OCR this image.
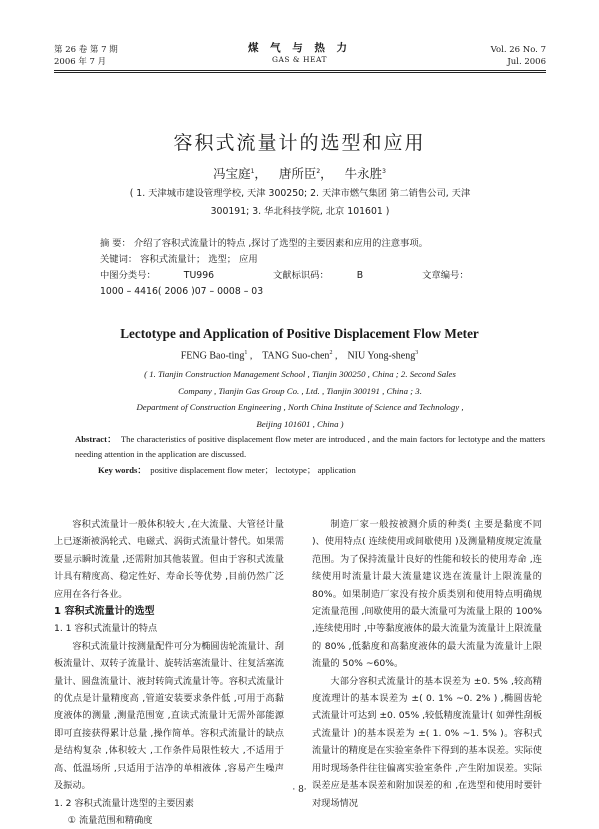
第 26 卷 第 7 期
2006 年 7 月
煤 气 与 热 力
GAS & HEAT
Vol. 26 No. 7
Jul. 2006
容积式流量计的选型和应用
冯宝庭$^1$，   唐所臣$^2$，   牛永胜$^3$
( 1. 天津城市建设管理学校, 天津 300250; 2. 天津市燃气集团 第二销售公司, 天津
300191; 3. 华北科技学院, 北京 101601 )
摘 要： 介绍了容积式流量计的特点 ,探讨了选型的主要因素和应用的注意事项。
关键词： 容积式流量计； 选型； 应用
中图分类号：	TU996	文献标识码：	B	文章编号：1000 – 4416( 2006 )07 – 0008 – 03
Lectotype and Application of Positive Displacement Flow Meter
FENG Bao-ting$^1$ ,    TANG Suo-chen$^2$ ,    NIU Yong-sheng$^3$
( 1. Tianjin Construction Management School , Tianjin 300250 , China ; 2. Second Sales
Company , Tianjin Gas Group Co. , Ltd. , Tianjin 300191 , China ; 3.
Department of Construction Engineering , North China Institute of Science and Technology ,
Beijing 101601 , China )
Abstract： The characteristics of positive displacement flow meter are introduced , and the main factors for lectotype and the matters needing attention in the application are discussed.
Key words： positive displacement flow meter； lectotype； application

容积式流量计一般体积较大 ,在大流量、大管径计量上已逐渐被涡轮式、电磁式、涡街式流量计替代。如果需要显示瞬时流量 ,还需附加其他装置。但由于容积式流量计具有精度高、稳定性好、寿命长等优势 ,目前仍然广泛应用在各行各业。

1 容积式流量计的选型
1. 1 容积式流量计的特点

容积式流量计按测量配件可分为椭圆齿轮流量计、刮板流量计、双转子流量计、旋转活塞流量计、往复活塞流量计、圆盘流量计、液封转筒式流量计等。容积式流量计的优点是计量精度高 ,管道安装要求条件低 ,可用于高黏度液体的测量 ,测量范围宽 ,直读式流量计无需外部能源即可直接获得累计总量 ,操作简单。容积式流量计的缺点是结构复杂 ,体积较大 ,工作条件局限性较大 ,不适用于高、低温场所 ,只适用于洁净的单相液体 ,容易产生噪声及振动。

1. 2 容积式流量计选型的主要因素
① 流量范围和精确度

制造厂家一般按被测介质的种类( 主要是黏度不同 )、使用特点( 连续使用或间歇使用 )及测量精度规定流量范围。为了保持流量计良好的性能和较长的使用寿命 ,连续使用时流量计最大流量建议选在流量计上限流量的 80%。如果制造厂家没有按介质类别和使用特点明确规定流量范围 ,间歇使用的最大流量可为流量上限的 100% ,连续使用时 ,中等黏度液体的最大流量为流量计上限流量的 80% ,低黏度和高黏度液体的最大流量为流量计上限流量的 50% ~60%。

大部分容积式流量计的基本误差为 ±0. 5% ,较高精度流理计的基本误差为 ±( 0. 1% ~0. 2% ) ,椭圆齿轮式流量计可达到 ±0. 05% ,较低精度流量计( 如弹性刮板式流量计 )的基本误差为 ±( 1. 0% ~1. 5% )。容积式流量计的精度是在实验室条件下得到的基本误差。实际使用时现场条件往往偏离实验室条件 ,产生附加误差。实际误差应是基本误差和附加误差的和 ,在选型和使用时要针对现场情况

· 8·
